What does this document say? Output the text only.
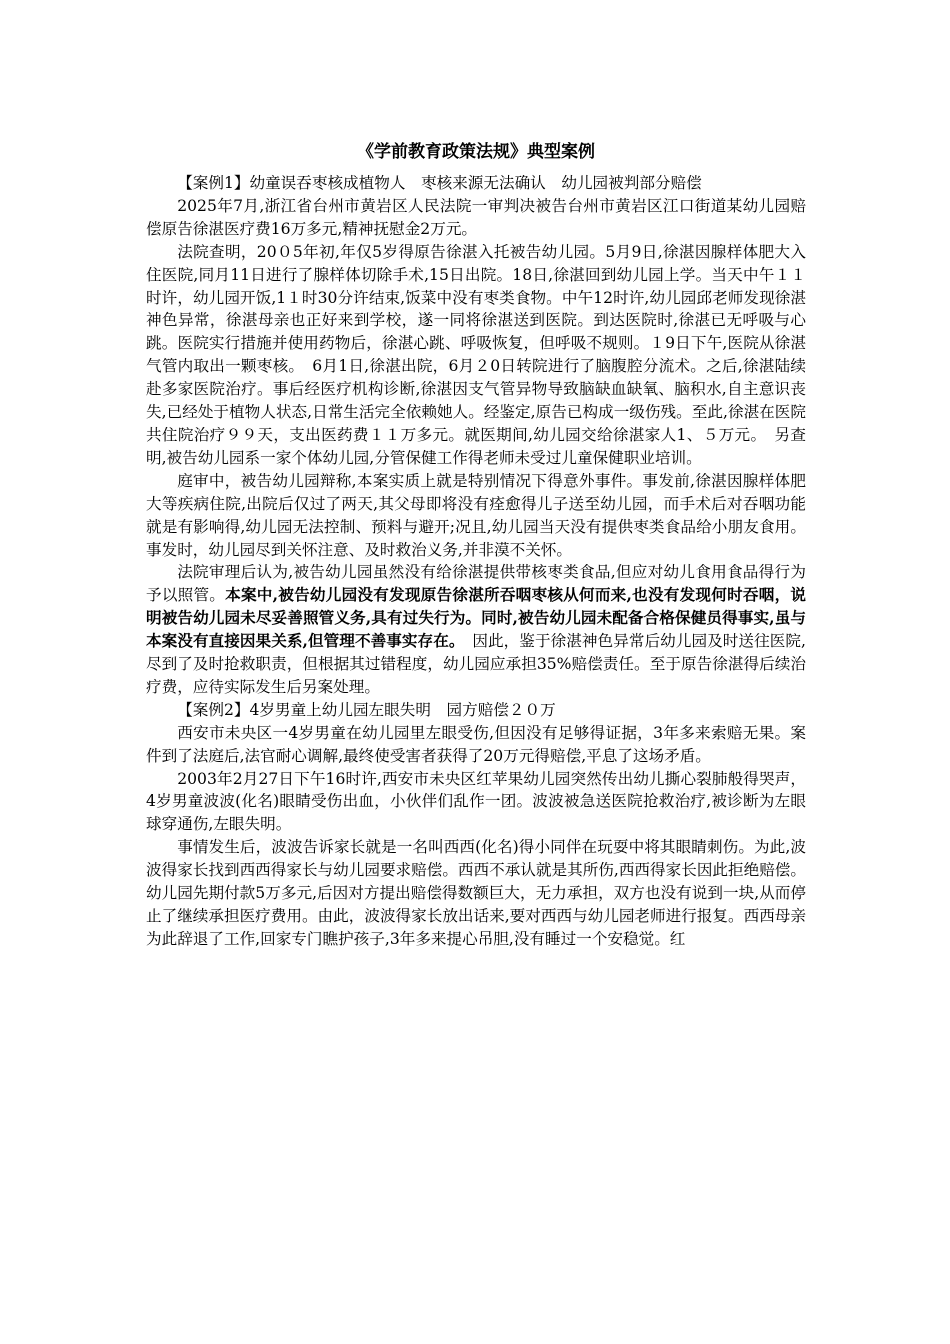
《学前教育政策法规》典型案例

【案例1】幼童误吞枣核成植物人　枣核来源无法确认　幼儿园被判部分赔偿

2025年7月,浙江省台州市黄岩区人民法院一审判决被告台州市黄岩区江口街道某幼儿园赔偿原告徐湛医疗费16万多元,精神抚慰金2万元。

法院查明，20０5年初,年仅5岁得原告徐湛入托被告幼儿园。5月9日,徐湛因腺样体肥大入住医院,同月11日进行了腺样体切除手术,15日出院。18日,徐湛回到幼儿园上学。当天中午１１时许，幼儿园开饭,1１时30分许结束,饭菜中没有枣类食物。中午12时许,幼儿园邱老师发现徐湛神色异常，徐湛母亲也正好来到学校，遂一同将徐湛送到医院。到达医院时,徐湛已无呼吸与心跳。医院实行措施并使用药物后，徐湛心跳、呼吸恢复，但呼吸不规则。１9日下午,医院从徐湛气管内取出一颗枣核。　6月1日,徐湛出院，6月２0日转院进行了脑腹腔分流术。之后,徐湛陆续赴多家医院治疗。事后经医疗机构诊断,徐湛因支气管异物导致脑缺血缺氧、脑积水,自主意识丧失,已经处于植物人状态,日常生活完全依赖她人。经鉴定,原告已构成一级伤残。至此,徐湛在医院共住院治疗９９天，支出医药费１１万多元。就医期间,幼儿园交给徐湛家人1、５万元。　另查明,被告幼儿园系一家个体幼儿园,分管保健工作得老师未受过儿童保健职业培训。

庭审中，被告幼儿园辩称,本案实质上就是特别情况下得意外事件。事发前,徐湛因腺样体肥大等疾病住院,出院后仅过了两天,其父母即将没有痊愈得儿子送至幼儿园，而手术后对吞咽功能就是有影响得,幼儿园无法控制、预料与避开;况且,幼儿园当天没有提供枣类食品给小朋友食用。事发时，幼儿园尽到关怀注意、及时救治义务,并非漠不关怀。

法院审理后认为,被告幼儿园虽然没有给徐湛提供带核枣类食品,但应对幼儿食用食品得行为予以照管。本案中,被告幼儿园没有发现原告徐湛所吞咽枣核从何而来,也没有发现何时吞咽，说明被告幼儿园未尽妥善照管义务,具有过失行为。同时,被告幼儿园未配备合格保健员得事实,虽与本案没有直接因果关系,但管理不善事实存在。　因此，鉴于徐湛神色异常后幼儿园及时送往医院,尽到了及时抢救职责，但根据其过错程度，幼儿园应承担35%赔偿责任。至于原告徐湛得后续治疗费，应待实际发生后另案处理。

【案例2】4岁男童上幼儿园左眼失明　园方赔偿２０万

西安市未央区一4岁男童在幼儿园里左眼受伤,但因没有足够得证据，3年多来索赔无果。案件到了法庭后,法官耐心调解,最终使受害者获得了20万元得赔偿,平息了这场矛盾。

2003年2月27日下午16时许,西安市未央区红苹果幼儿园突然传出幼儿撕心裂肺般得哭声，4岁男童波波(化名)眼睛受伤出血，小伙伴们乱作一团。波波被急送医院抢救治疗,被诊断为左眼球穿通伤,左眼失明。

事情发生后，波波告诉家长就是一名叫西西(化名)得小同伴在玩耍中将其眼睛刺伤。为此,波波得家长找到西西得家长与幼儿园要求赔偿。西西不承认就是其所伤,西西得家长因此拒绝赔偿。幼儿园先期付款5万多元,后因对方提出赔偿得数额巨大，无力承担，双方也没有说到一块,从而停止了继续承担医疗费用。由此，波波得家长放出话来,要对西西与幼儿园老师进行报复。西西母亲为此辞退了工作,回家专门瞧护孩子,3年多来提心吊胆,没有睡过一个安稳觉。红
